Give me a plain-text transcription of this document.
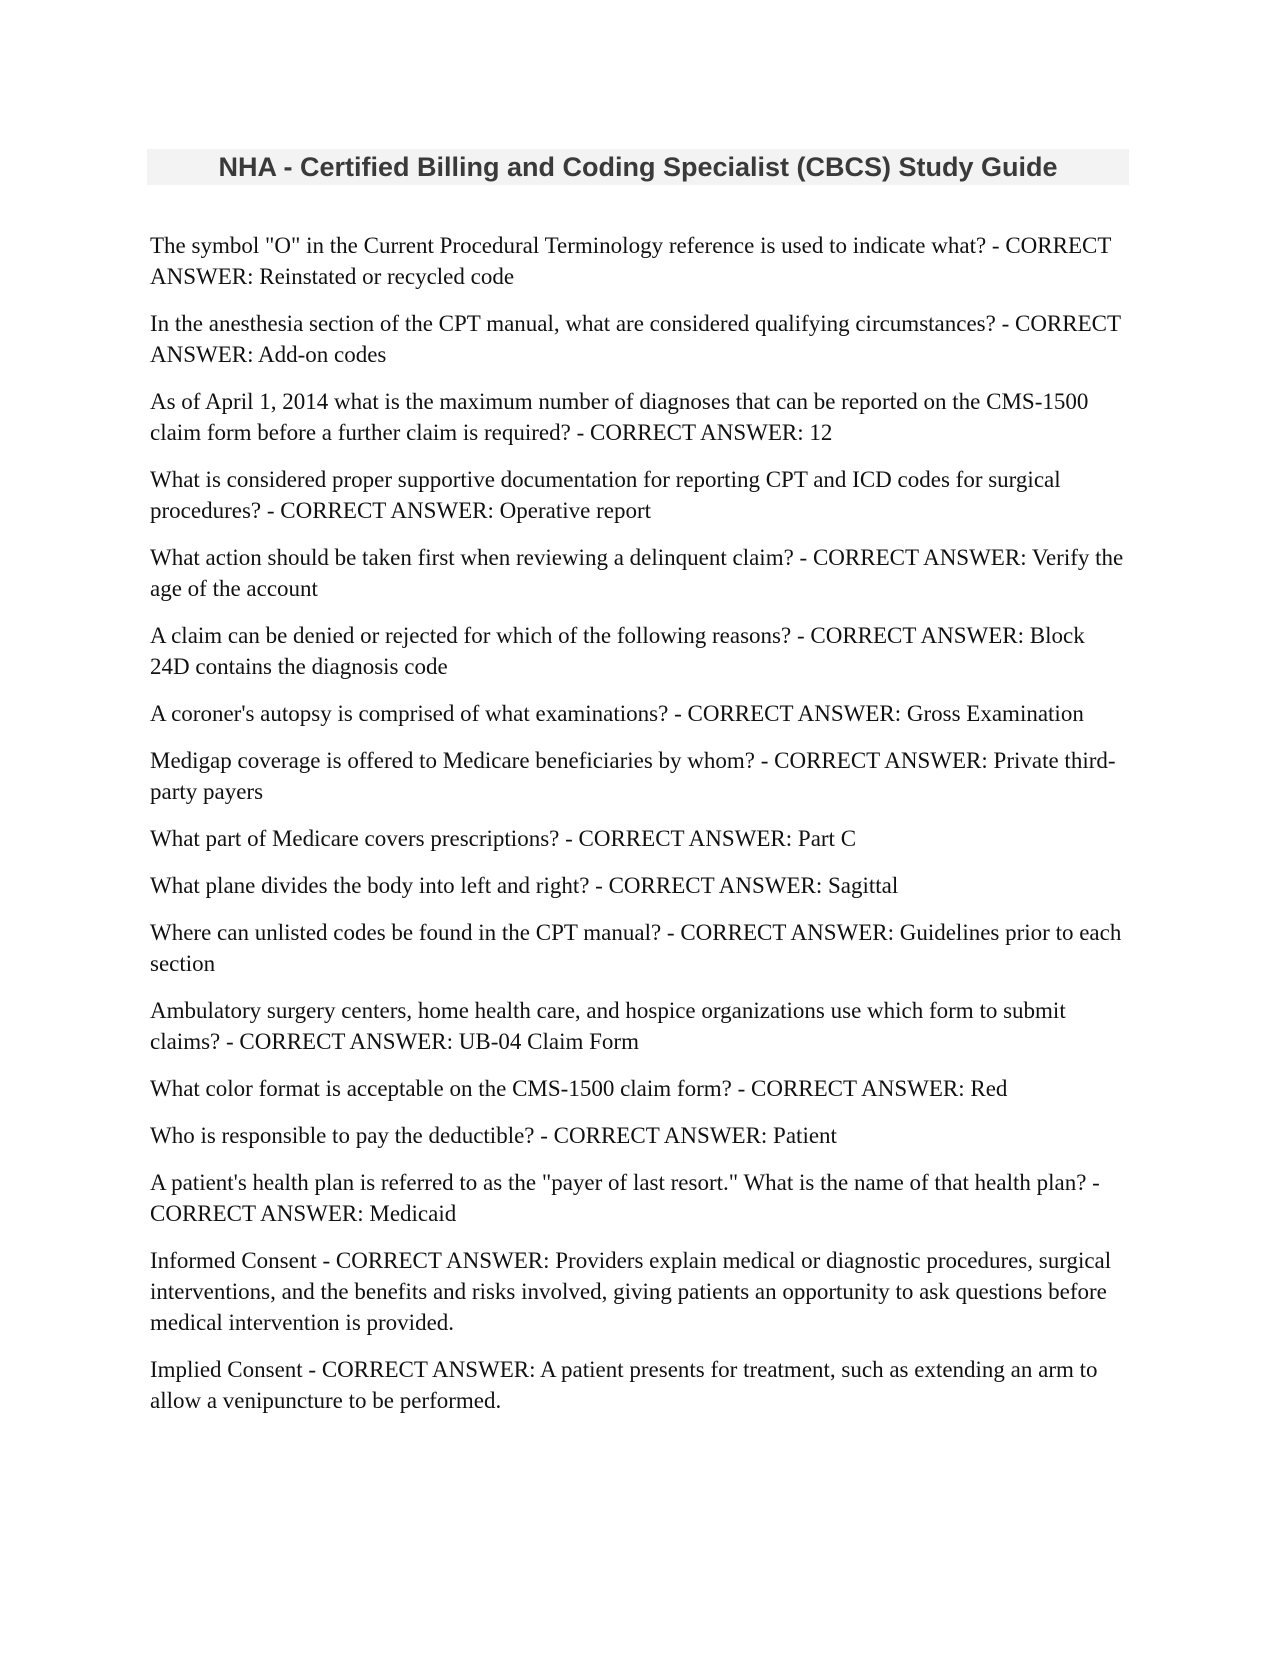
NHA - Certified Billing and Coding Specialist (CBCS) Study Guide
The symbol "O" in the Current Procedural Terminology reference is used to indicate what? - CORRECT ANSWER: Reinstated or recycled code
In the anesthesia section of the CPT manual, what are considered qualifying circumstances? - CORRECT ANSWER: Add-on codes
As of April 1, 2014 what is the maximum number of diagnoses that can be reported on the CMS-1500 claim form before a further claim is required? - CORRECT ANSWER: 12
What is considered proper supportive documentation for reporting CPT and ICD codes for surgical procedures? - CORRECT ANSWER: Operative report
What action should be taken first when reviewing a delinquent claim? - CORRECT ANSWER: Verify the age of the account
A claim can be denied or rejected for which of the following reasons? - CORRECT ANSWER: Block 24D contains the diagnosis code
A coroner's autopsy is comprised of what examinations? - CORRECT ANSWER: Gross Examination
Medigap coverage is offered to Medicare beneficiaries by whom? - CORRECT ANSWER: Private third-party payers
What part of Medicare covers prescriptions? - CORRECT ANSWER: Part C
What plane divides the body into left and right? - CORRECT ANSWER: Sagittal
Where can unlisted codes be found in the CPT manual? - CORRECT ANSWER: Guidelines prior to each section
Ambulatory surgery centers, home health care, and hospice organizations use which form to submit claims? - CORRECT ANSWER: UB-04 Claim Form
What color format is acceptable on the CMS-1500 claim form? - CORRECT ANSWER: Red
Who is responsible to pay the deductible? - CORRECT ANSWER: Patient
A patient's health plan is referred to as the "payer of last resort." What is the name of that health plan? - CORRECT ANSWER: Medicaid
Informed Consent - CORRECT ANSWER: Providers explain medical or diagnostic procedures, surgical interventions, and the benefits and risks involved, giving patients an opportunity to ask questions before medical intervention is provided.
Implied Consent - CORRECT ANSWER: A patient presents for treatment, such as extending an arm to allow a venipuncture to be performed.
